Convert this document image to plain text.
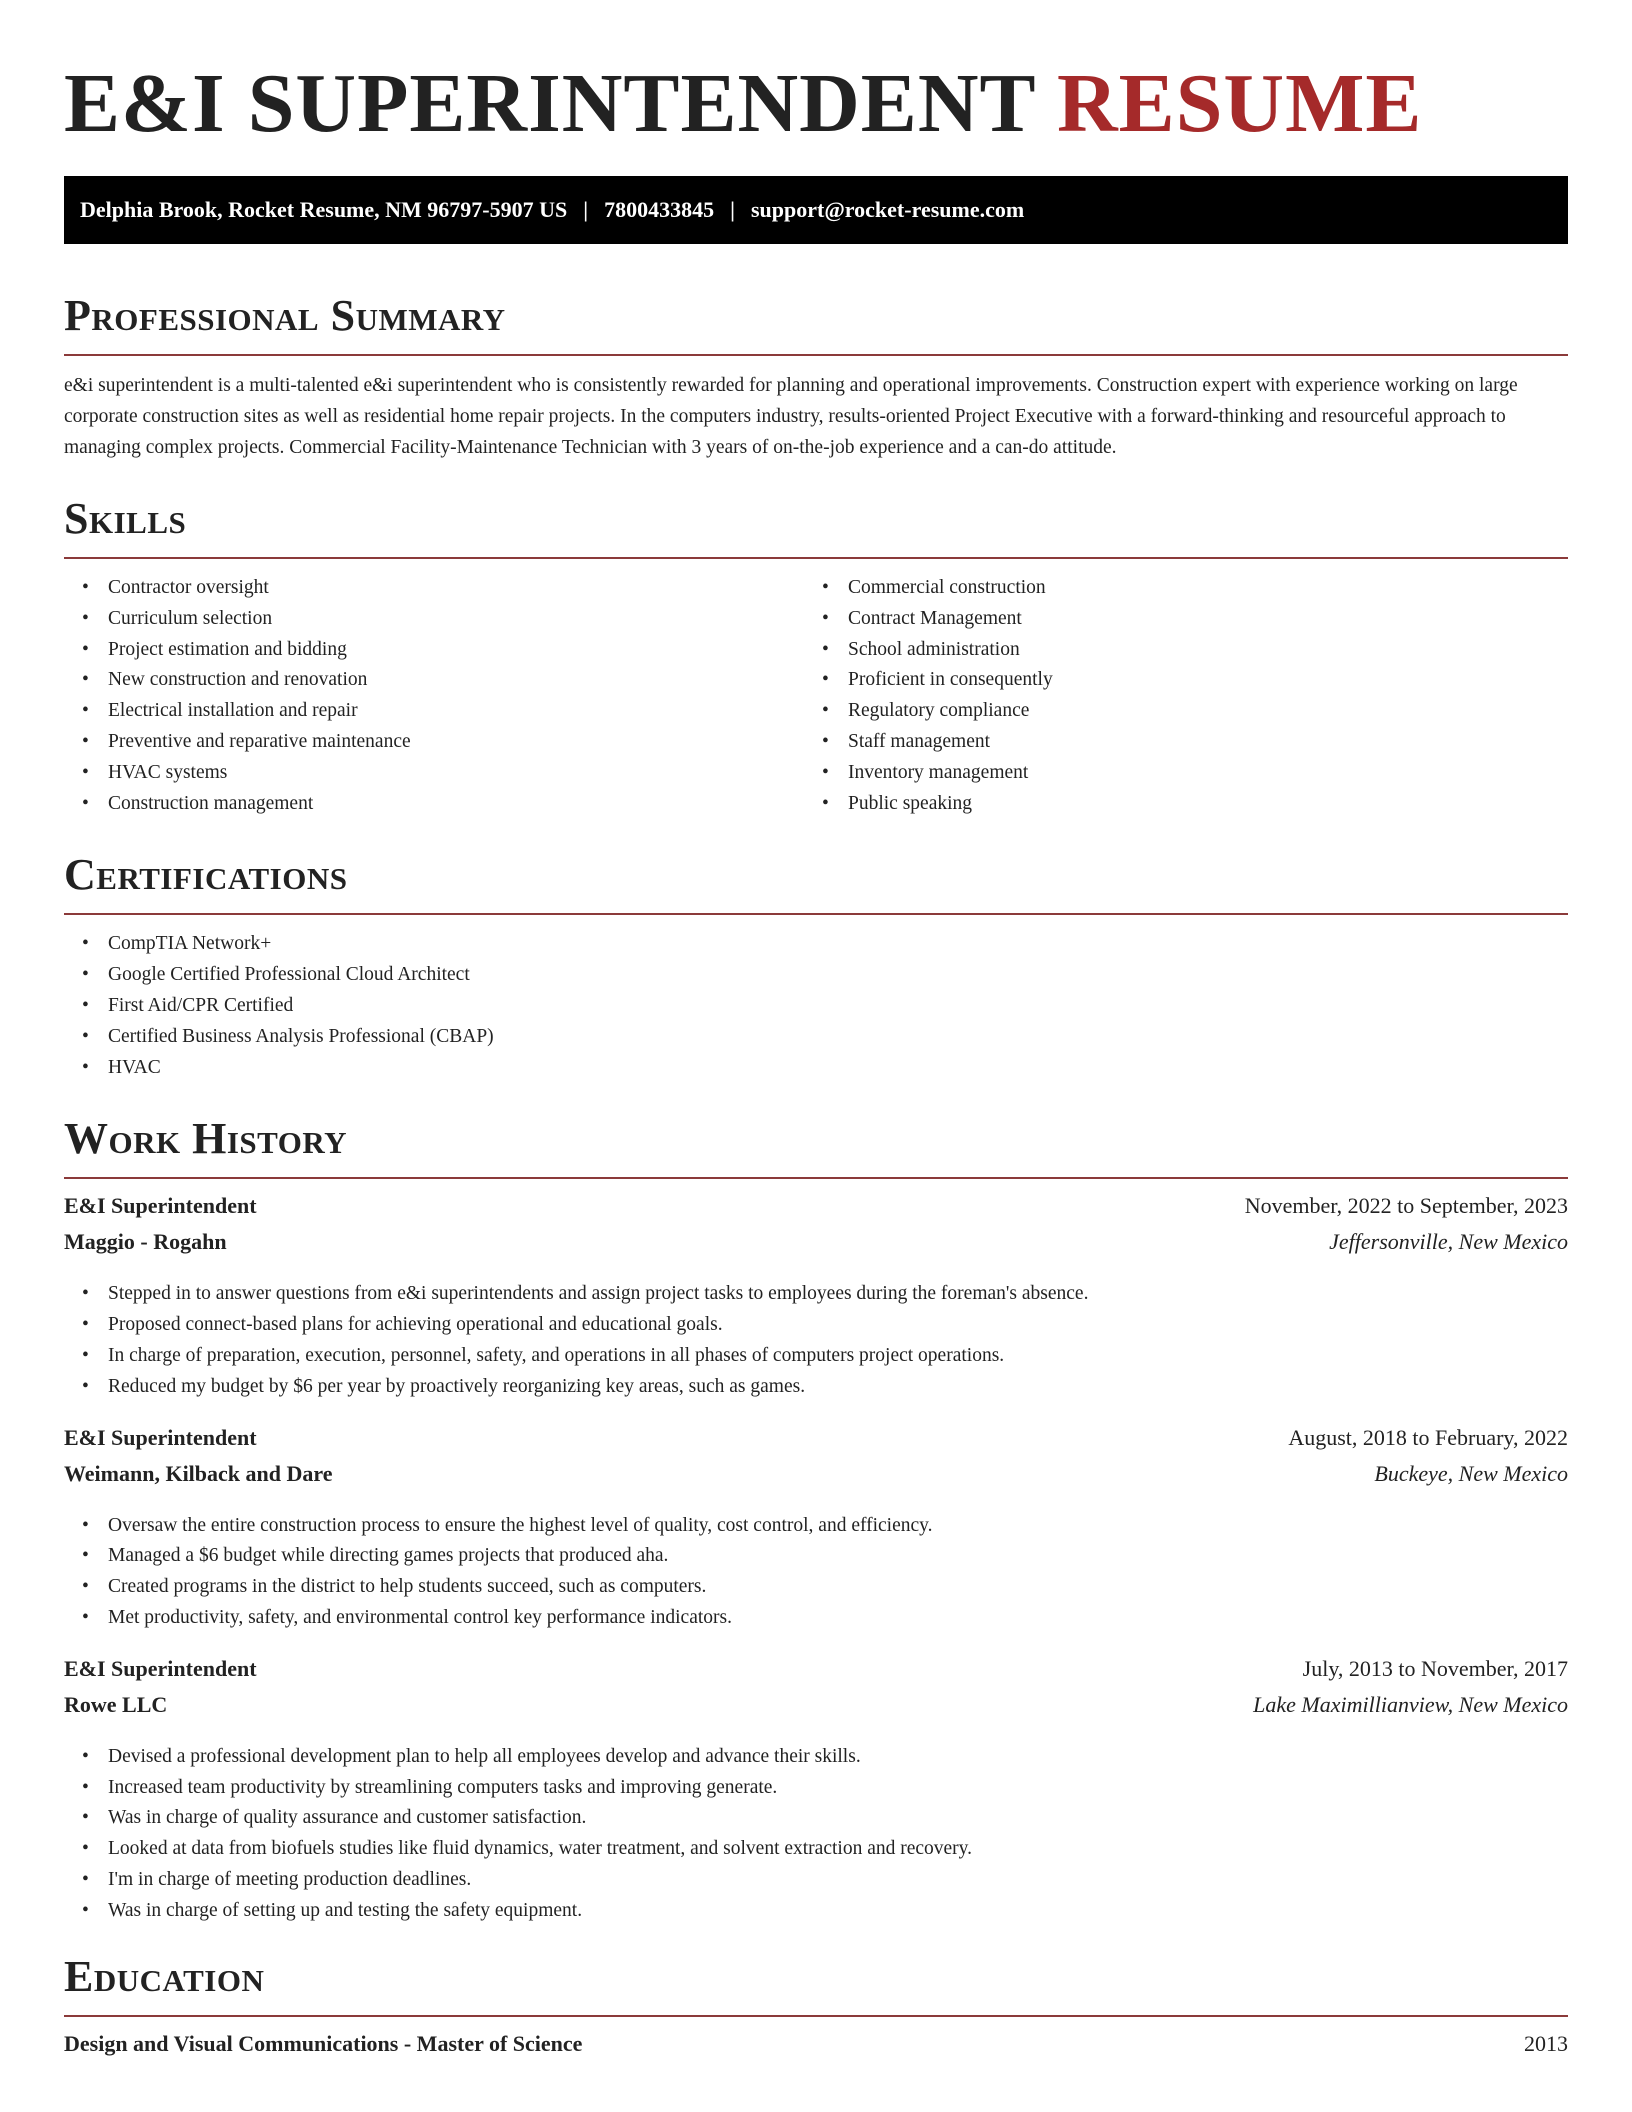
E&I SUPERINTENDENT RESUME
Delphia Brook, Rocket Resume, NM 96797-5907 US | 7800433845 | support@rocket-resume.com
Professional Summary

e&i superintendent is a multi-talented e&i superintendent who is consistently rewarded for planning and operational improvements. Construction expert with experience working on large corporate construction sites as well as residential home repair projects. In the computers industry, results-oriented Project Executive with a forward-thinking and resourceful approach to managing complex projects. Commercial Facility-Maintenance Technician with 3 years of on-the-job experience and a can-do attitude.

Skills
• Contractor oversight
• Curriculum selection
• Project estimation and bidding
• New construction and renovation
• Electrical installation and repair
• Preventive and reparative maintenance
• HVAC systems
• Construction management
• Commercial construction
• Contract Management
• School administration
• Proficient in consequently
• Regulatory compliance
• Staff management
• Inventory management
• Public speaking
Certifications
• CompTIA Network+
• Google Certified Professional Cloud Architect
• First Aid/CPR Certified
• Certified Business Analysis Professional (CBAP)
• HVAC
Work History
E&I Superintendent	November, 2022 to September, 2023
Maggio - Rogahn	Jeffersonville, New Mexico
• Stepped in to answer questions from e&i superintendents and assign project tasks to employees during the foreman's absence.
• Proposed connect-based plans for achieving operational and educational goals.
• In charge of preparation, execution, personnel, safety, and operations in all phases of computers project operations.
• Reduced my budget by $6 per year by proactively reorganizing key areas, such as games.
E&I Superintendent	August, 2018 to February, 2022
Weimann, Kilback and Dare	Buckeye, New Mexico
• Oversaw the entire construction process to ensure the highest level of quality, cost control, and efficiency.
• Managed a $6 budget while directing games projects that produced aha.
• Created programs in the district to help students succeed, such as computers.
• Met productivity, safety, and environmental control key performance indicators.
E&I Superintendent	July, 2013 to November, 2017
Rowe LLC	Lake Maximillianview, New Mexico
• Devised a professional development plan to help all employees develop and advance their skills.
• Increased team productivity by streamlining computers tasks and improving generate.
• Was in charge of quality assurance and customer satisfaction.
• Looked at data from biofuels studies like fluid dynamics, water treatment, and solvent extraction and recovery.
• I'm in charge of meeting production deadlines.
• Was in charge of setting up and testing the safety equipment.
Education
Design and Visual Communications - Master of Science	2013
